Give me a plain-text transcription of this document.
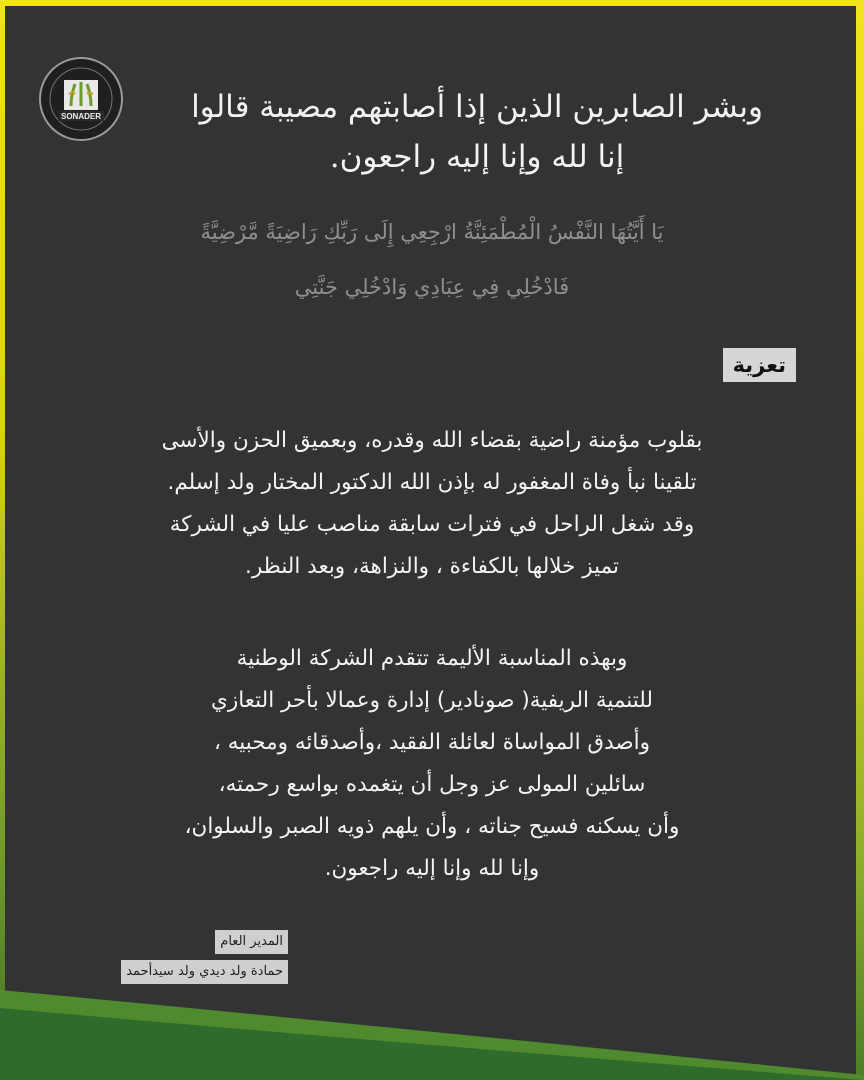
SONADER	وبشر الصابرين الذين إذا أصابتهم مصيبة قالوا
إنا لله وإنا إليه راجعون.
يَا أَيَّتُهَا النَّفْسُ الْمُطْمَئِنَّةُ ارْجِعِي إِلَى رَبِّكِ رَاضِيَةً مَّرْضِيَّةً
فَادْخُلِي فِي عِبَادِي وَادْخُلِي جَنَّتِي
تعزية
بقلوب مؤمنة راضية بقضاء الله وقدره، وبعميق الحزن والأسى
تلقينا نبأ وفاة المغفور له بإذن الله الدكتور المختار ولد إسلم.
وقد شغل الراحل في فترات سابقة مناصب عليا في الشركة
تميز خلالها بالكفاءة ، والنزاهة، وبعد النظر.
وبهذه المناسبة الأليمة تتقدم الشركة الوطنية
للتنمية الريفية( صونادير) إدارة وعمالا بأحر التعازي
وأصدق المواساة لعائلة الفقيد ،وأصدقائه ومحبيه ،
سائلين المولى عز وجل أن يتغمده بواسع رحمته،
وأن يسكنه فسيح جناته ، وأن يلهم ذويه الصبر والسلوان،
وإنا لله وإنا إليه راجعون.
المدير العام
حمادة ولد ديدي ولد سيدأحمد
